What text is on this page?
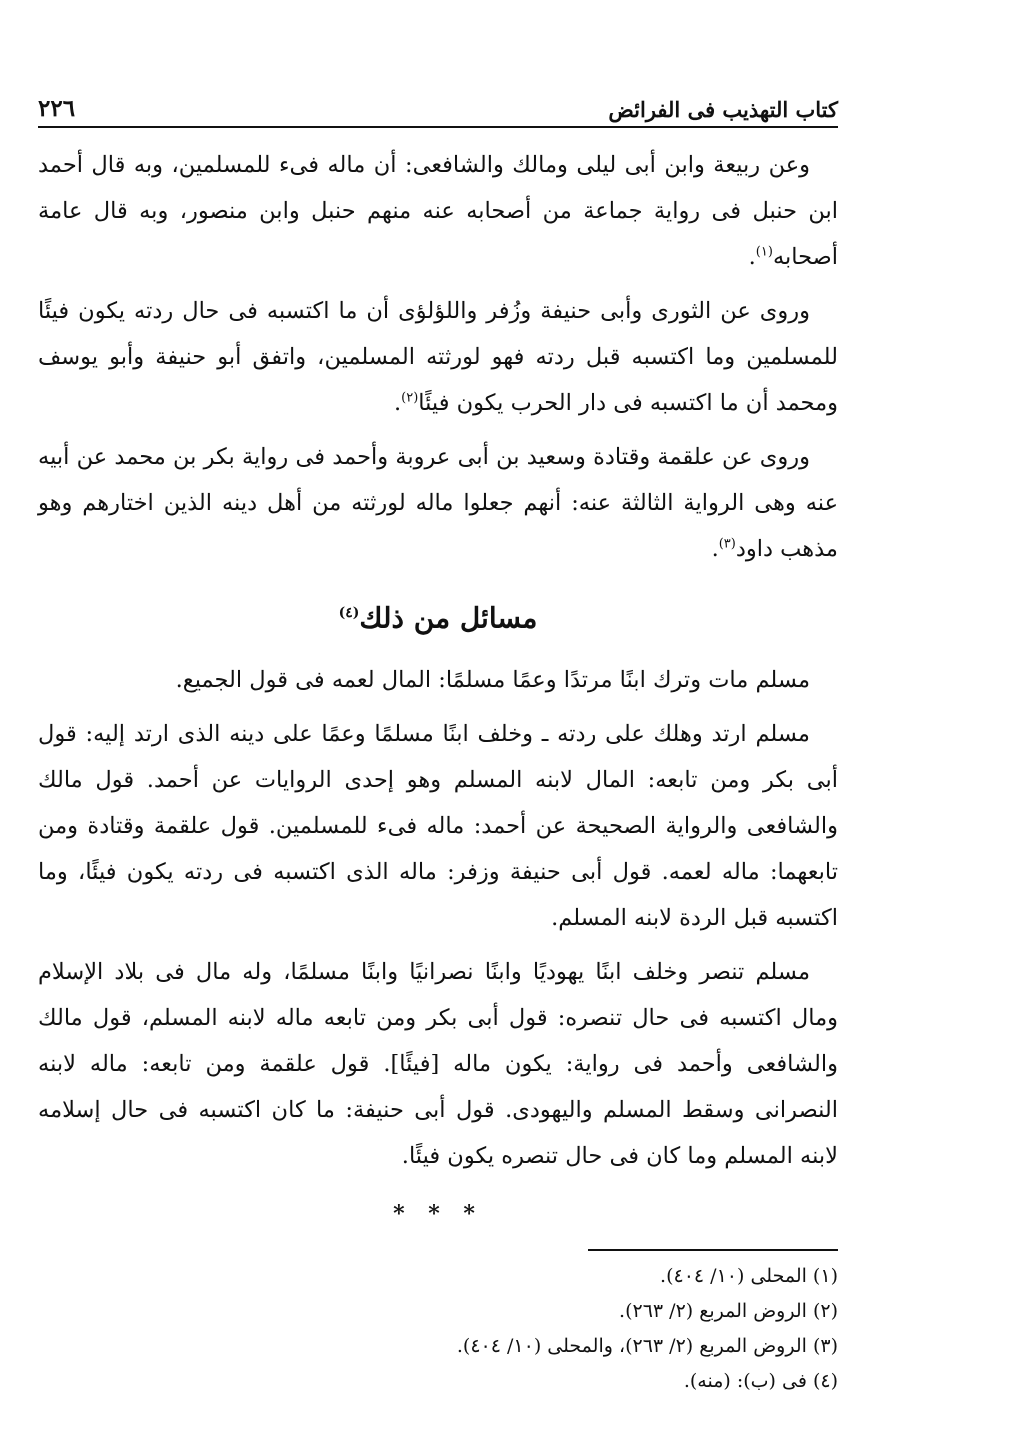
كتاب التهذيب فى الفرائض
٢٢٦

وعن ربيعة وابن أبى ليلى ومالك والشافعى: أن ماله فىء للمسلمين، وبه قال أحمد ابن حنبل فى رواية جماعة من أصحابه عنه منهم حنبل وابن منصور، وبه قال عامة أصحابه$^{(١)}$.

وروى عن الثورى وأبى حنيفة وزُفر واللؤلؤى أن ما اكتسبه فى حال ردته يكون فيئًا للمسلمين وما اكتسبه قبل ردته فهو لورثته المسلمين، واتفق أبو حنيفة وأبو يوسف ومحمد أن ما اكتسبه فى دار الحرب يكون فيئًا$^{(٢)}$.

وروى عن علقمة وقتادة وسعيد بن أبى عروبة وأحمد فى رواية بكر بن محمد عن أبيه عنه وهى الرواية الثالثة عنه: أنهم جعلوا ماله لورثته من أهل دينه الذين اختارهم وهو مذهب داود$^{(٣)}$.

مسائل من ذلك$^{(٤)}$

مسلم مات وترك ابنًا مرتدًا وعمًا مسلمًا: المال لعمه فى قول الجميع.

مسلم ارتد وهلك على ردته ـ وخلف ابنًا مسلمًا وعمًا على دينه الذى ارتد إليه: قول أبى بكر ومن تابعه: المال لابنه المسلم وهو إحدى الروايات عن أحمد. قول مالك والشافعى والرواية الصحيحة عن أحمد: ماله فىء للمسلمين. قول علقمة وقتادة ومن تابعهما: ماله لعمه. قول أبى حنيفة وزفر: ماله الذى اكتسبه فى ردته يكون فيئًا، وما اكتسبه قبل الردة لابنه المسلم.

مسلم تنصر وخلف ابنًا يهوديًا وابنًا نصرانيًا وابنًا مسلمًا، وله مال فى بلاد الإسلام ومال اكتسبه فى حال تنصره: قول أبى بكر ومن تابعه ماله لابنه المسلم، قول مالك والشافعى وأحمد فى رواية: يكون ماله [فيئًا]. قول علقمة ومن تابعه: ماله لابنه النصرانى وسقط المسلم واليهودى. قول أبى حنيفة: ما كان اكتسبه فى حال إسلامه لابنه المسلم وما كان فى حال تنصره يكون فيئًا.

* * *

(١) المحلى (١٠/ ٤٠٤).

(٢) الروض المربع (٢/ ٢٦٣).

(٣) الروض المربع (٢/ ٢٦٣)، والمحلى (١٠/ ٤٠٤).

(٤) فى (ب): (منه).
